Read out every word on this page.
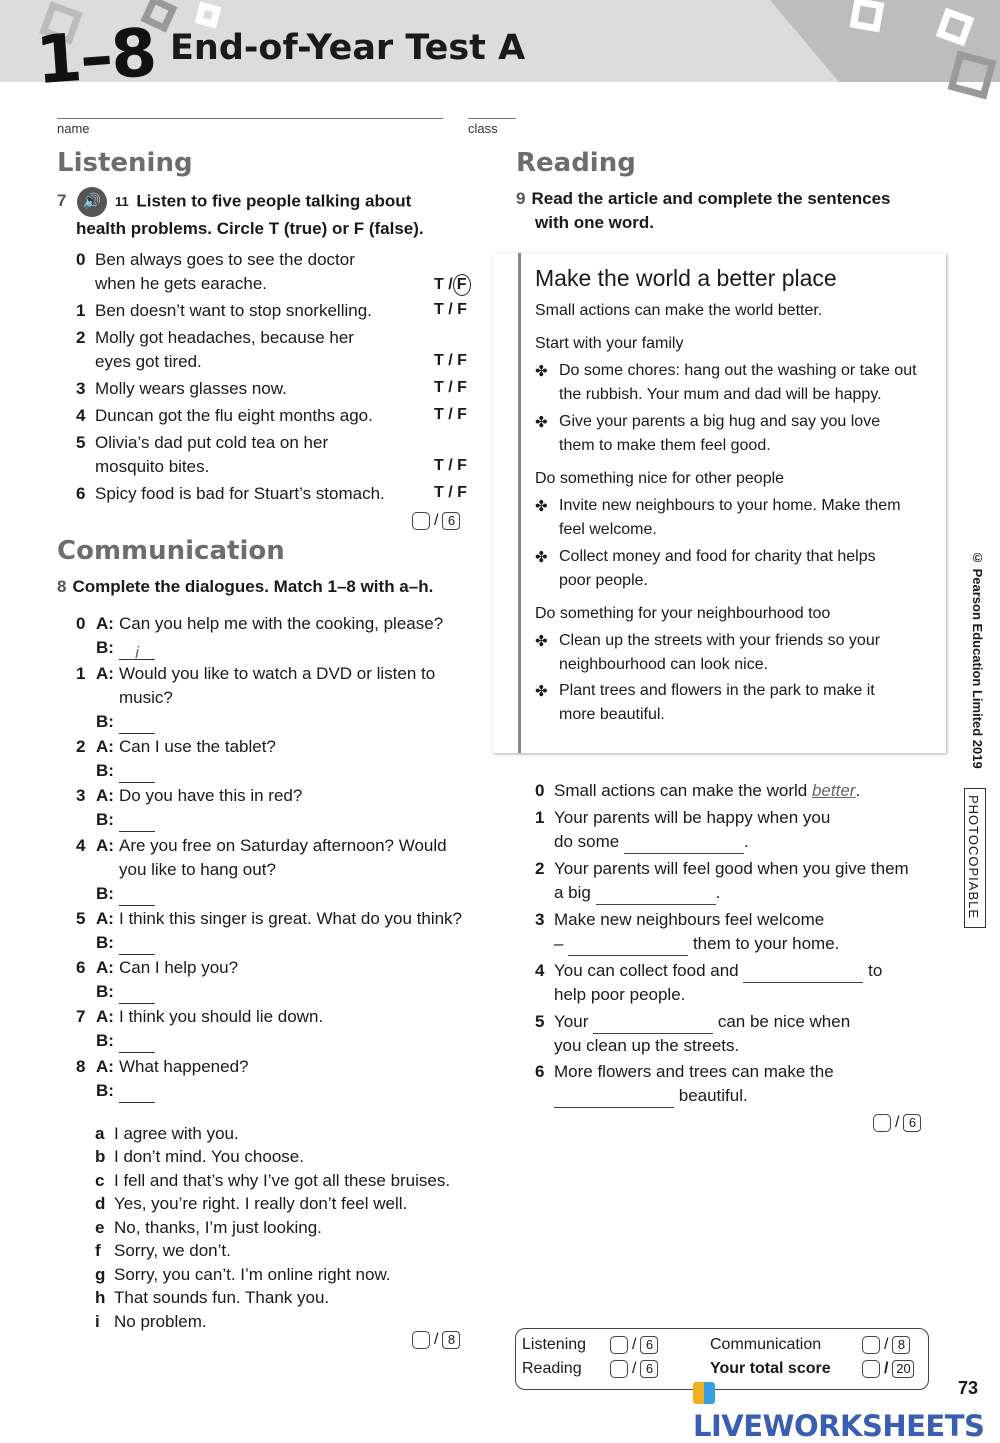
1–8 End-of-Year Test A
name	class
Listening
7 🔊 11 Listen to five people talking about
health problems. Circle T (true) or F (false).
0 Ben always goes to see the doctor
when he gets earache.	T / F
1 Ben doesn’t want to stop snorkelling.	T / F
2 Molly got headaches, because her
eyes got tired.	T / F
3 Molly wears glasses now.	T / F
4 Duncan got the flu eight months ago.	T / F
5 Olivia’s dad put cold tea on her
mosquito bites.	T / F
6 Spicy food is bad for Stuart’s stomach.	T / F
/ 6
Communication
8 Complete the dialogues. Match 1–8 with a–h.
0 A: Can you help me with the cooking, please?
B:	i
1 A: Would you like to watch a DVD or listen to
music?
B:
2 A: Can I use the tablet?
B:
3 A: Do you have this in red?
B:
4 A: Are you free on Saturday afternoon? Would
you like to hang out?
B:
5 A: I think this singer is great. What do you think?
B:
6 A: Can I help you?
B:
7 A: I think you should lie down.
B:
8 A: What happened?
B:
a I agree with you.
b I don’t mind. You choose.
c I fell and that’s why I’ve got all these bruises.
d Yes, you’re right. I really don’t feel well.
e No, thanks, I’m just looking.
f Sorry, we don’t.
g Sorry, you can’t. I’m online right now.
h That sounds fun. Thank you.
i No problem.
/ 8
Reading
9 Read the article and complete the sentences
with one word.
Make the world a better place
Small actions can make the world better.
Start with your family
✤ Do some chores: hang out the washing or take out
the rubbish. Your mum and dad will be happy.
✤ Give your parents a big hug and say you love
them to make them feel good.
Do something nice for other people
✤ Invite new neighbours to your home. Make them
feel welcome.
✤ Collect money and food for charity that helps
poor people.
Do something for your neighbourhood too
✤ Clean up the streets with your friends so your
neighbourhood can look nice.
✤ Plant trees and flowers in the park to make it
more beautiful.
0 Small actions can make the world better.
1 Your parents will be happy when you
do some	.
2 Your parents will feel good when you give them
a big	.
3 Make new neighbours feel welcome
–	them to your home.
4 You can collect food and	to
help poor people.
5 Your	can be nice when
you clean up the streets.
6 More flowers and trees can make the
beautiful.
/ 6
© Pearson Education Limited 2019
PHOTOCOPIABLE
Listening	/ 6
Reading	/ 6
Communication	/ 8
Your total score	/ 20
LIVEWORKSHEETS
73
